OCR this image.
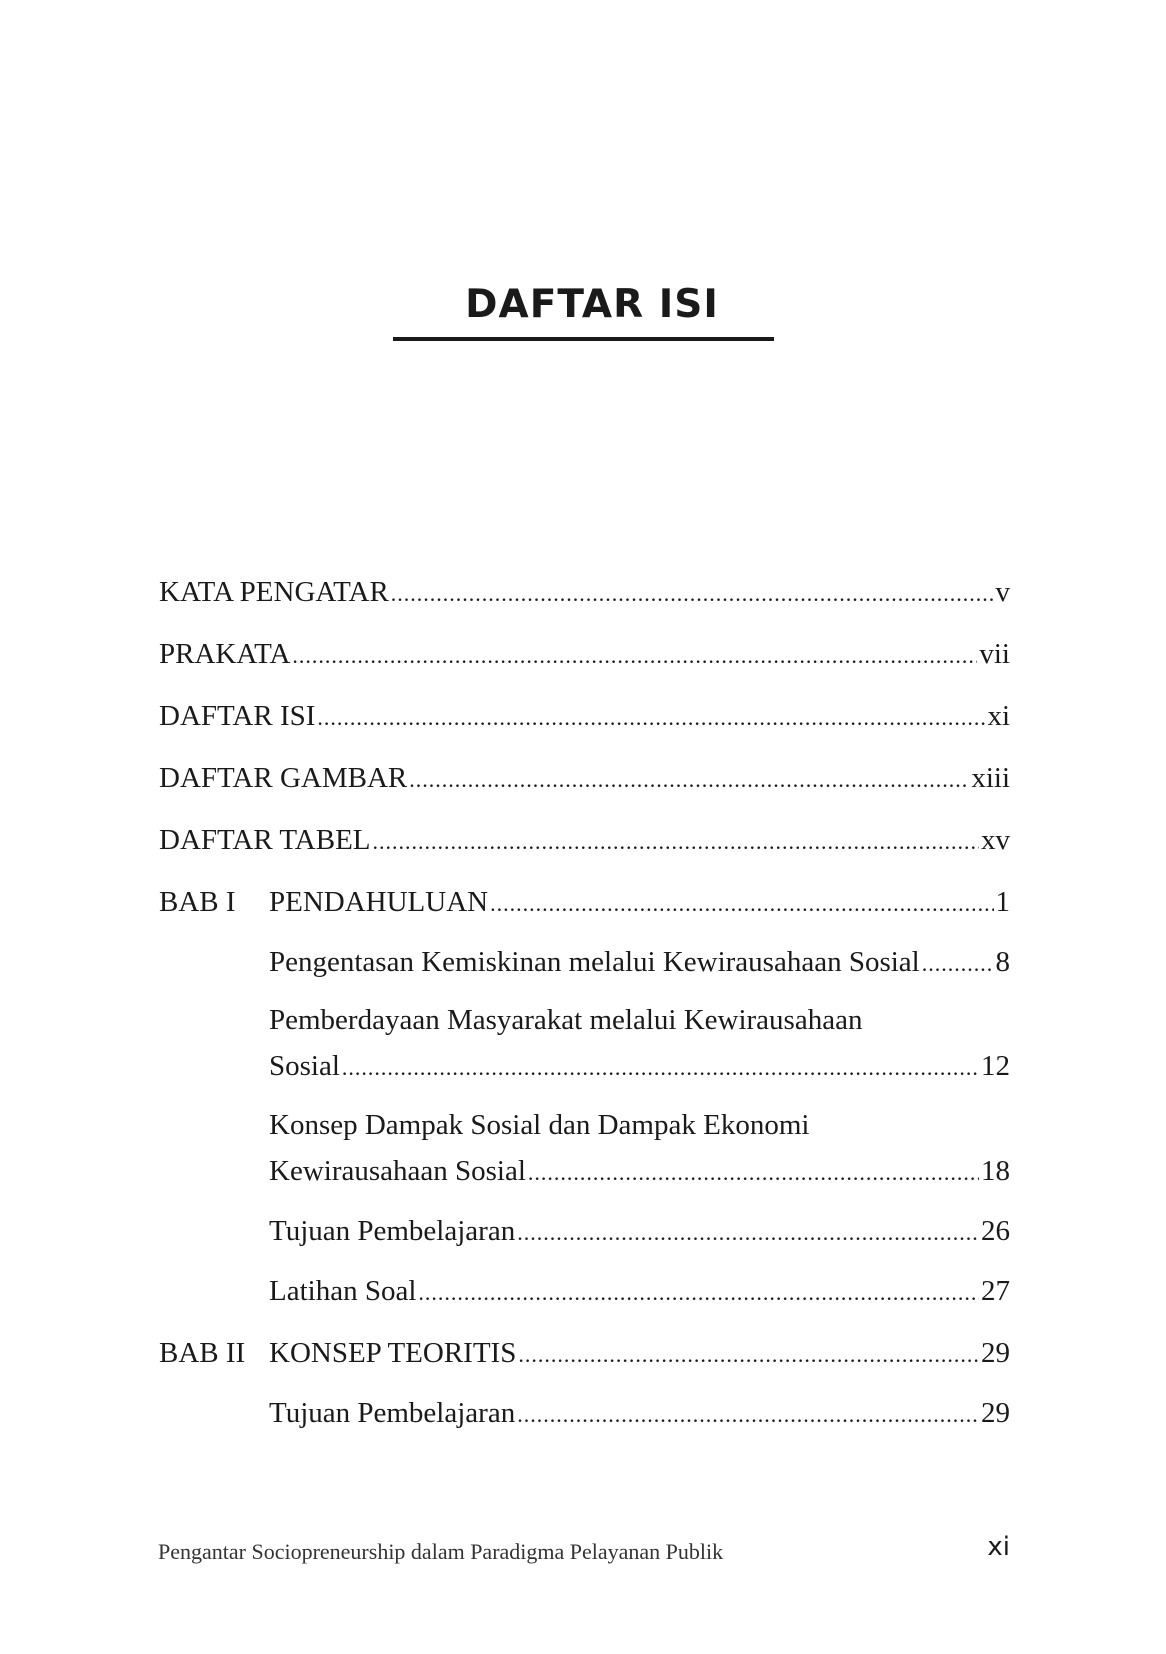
DAFTAR ISI
KATA PENGATAR .....	v
PRAKATA .....	vii
DAFTAR ISI .....	xi
DAFTAR GAMBAR .....	xiii
DAFTAR TABEL .....	xv
BAB I	PENDAHULUAN .....	1
Pengentasan Kemiskinan melalui Kewirausahaan Sosial .....	8
Pemberdayaan Masyarakat melalui Kewirausahaan
Sosial .....	12
Konsep Dampak Sosial dan Dampak Ekonomi
Kewirausahaan Sosial .....	18
Tujuan Pembelajaran .....	26
Latihan Soal .....	27
BAB II KONSEP TEORITIS .....	29
Tujuan Pembelajaran .....	29
Pengantar Sociopreneurship dalam Paradigma Pelayanan Publik	xi
